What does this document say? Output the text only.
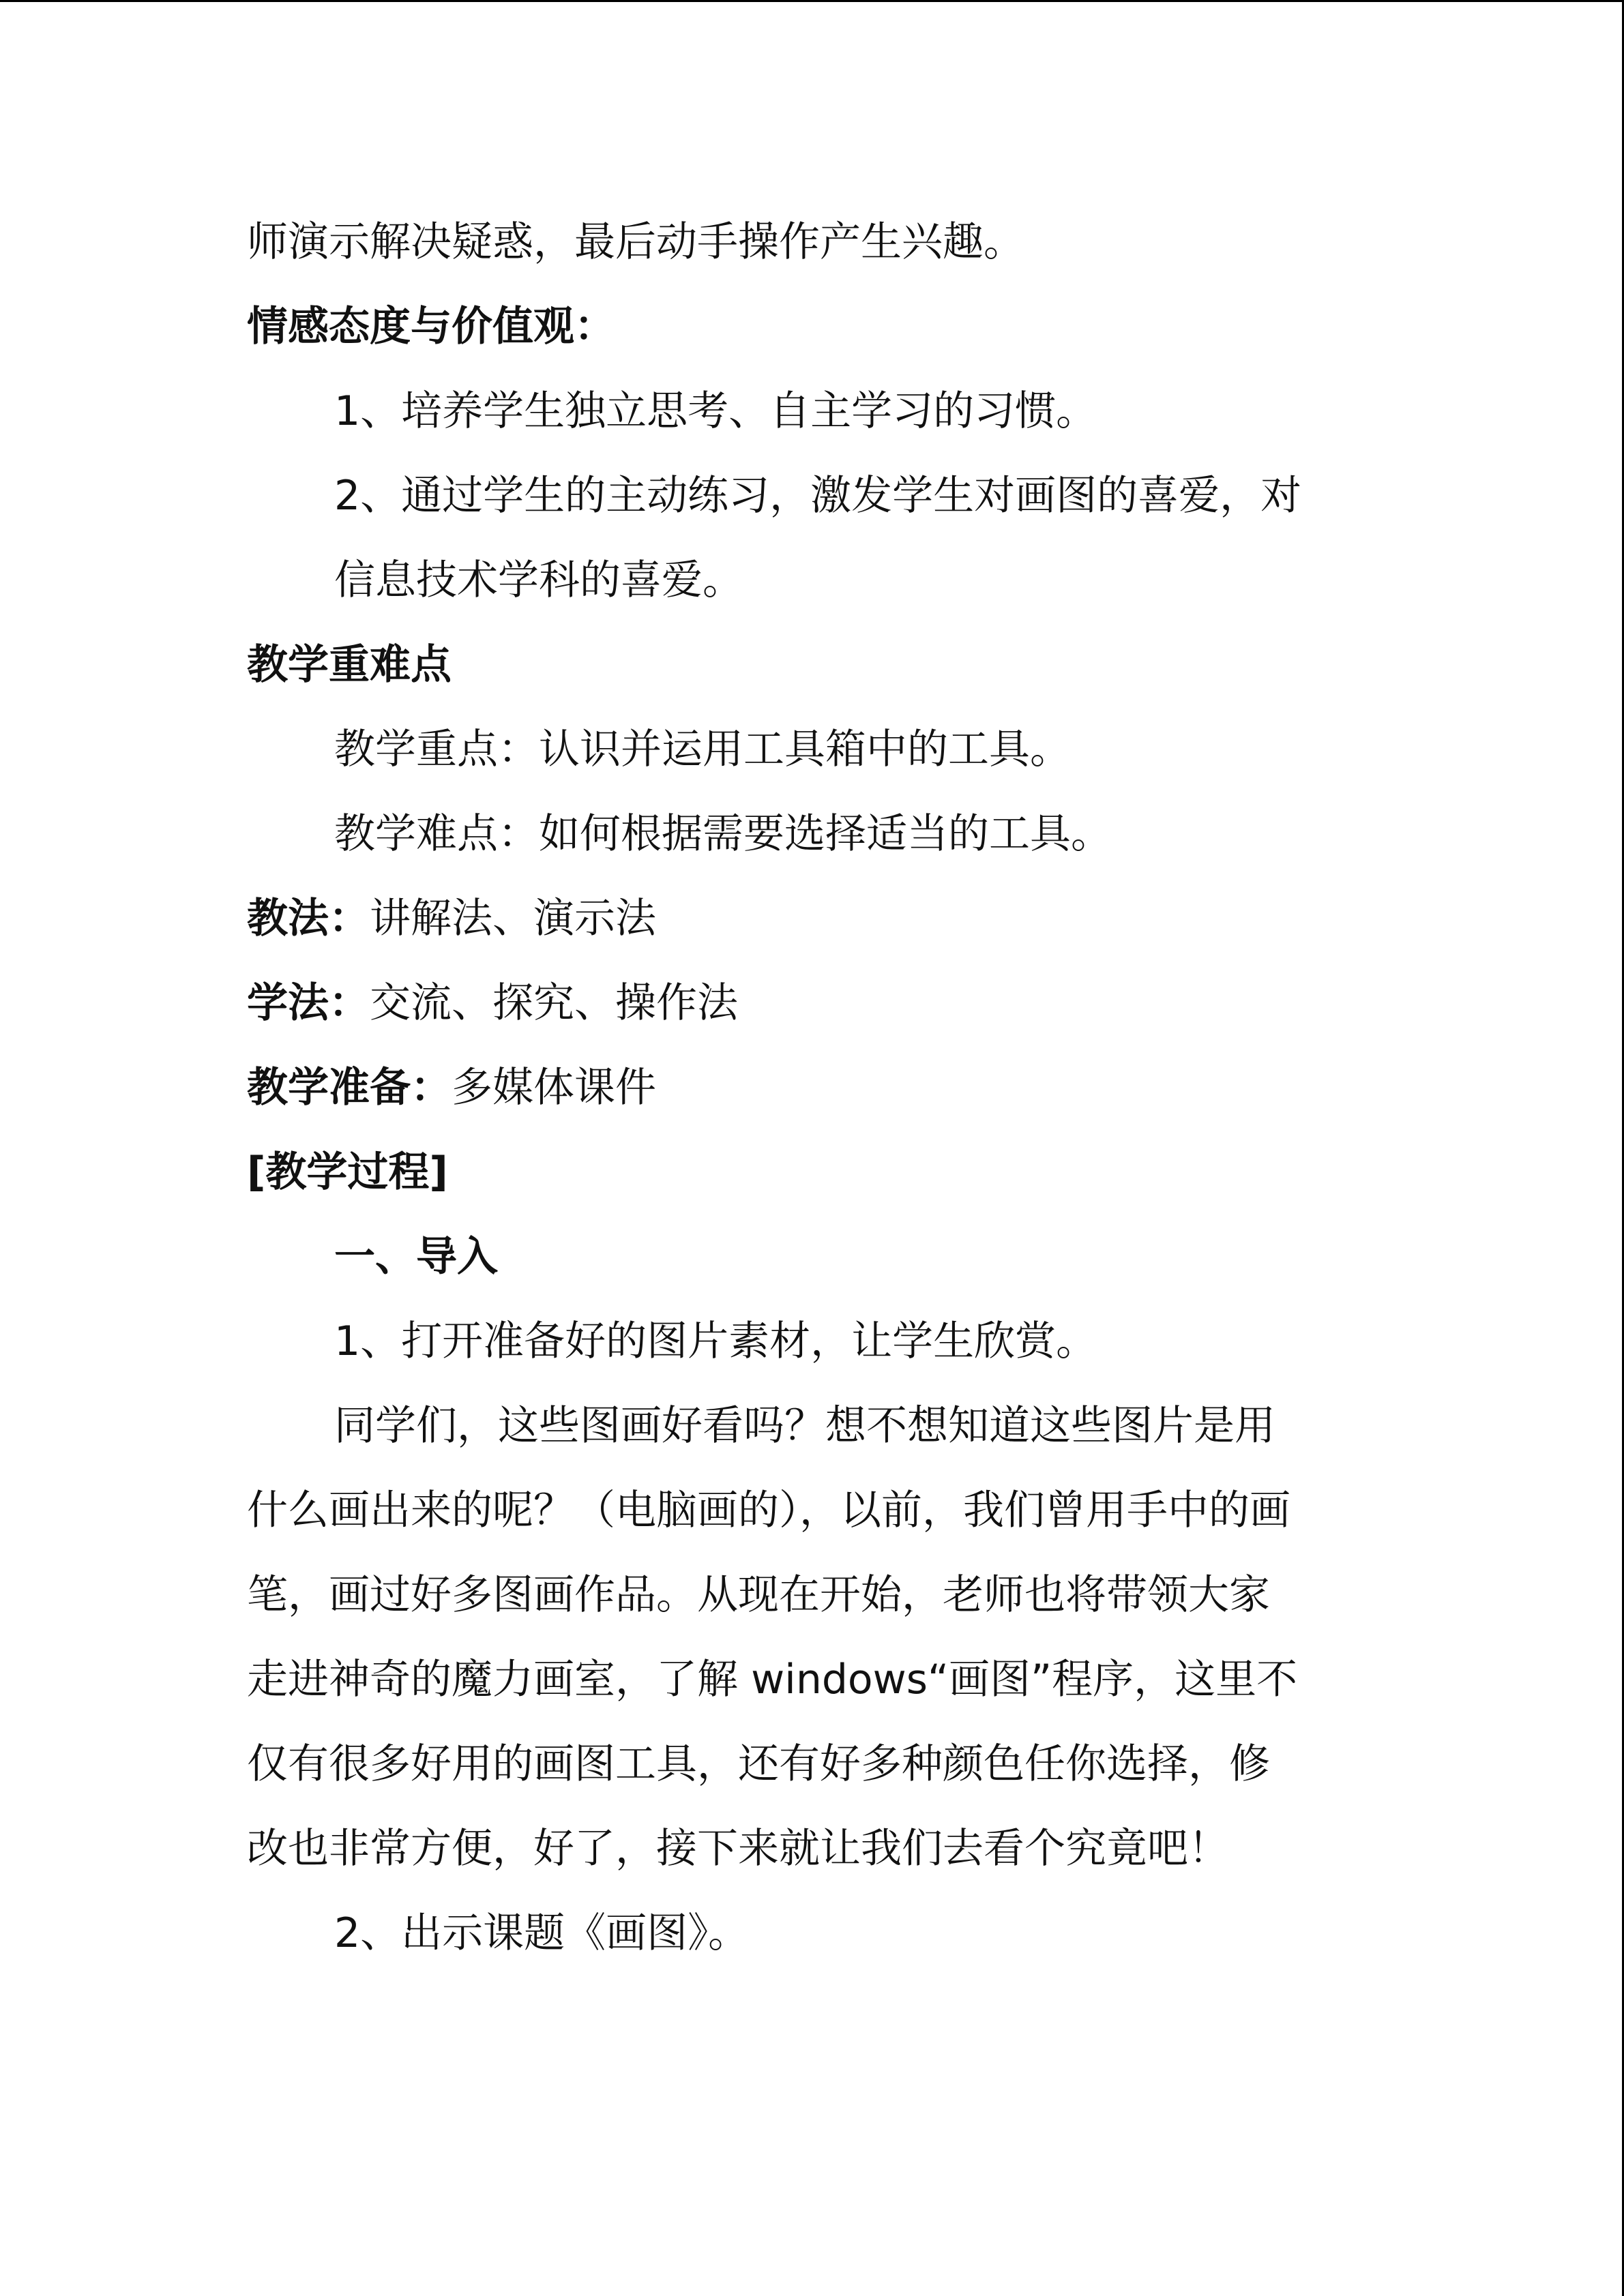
师演示解决疑惑，最后动手操作产生兴趣。
情感态度与价值观：
1、培养学生独立思考、自主学习的习惯。
2、通过学生的主动练习，激发学生对画图的喜爱，对
信息技术学科的喜爱。
教学重难点
教学重点：认识并运用工具箱中的工具。
教学难点：如何根据需要选择适当的工具。
教法：讲解法、演示法
学法：交流、探究、操作法
教学准备：多媒体课件
[教学过程]
一、导入
1、打开准备好的图片素材，让学生欣赏。
同学们，这些图画好看吗？想不想知道这些图片是用
什么画出来的呢？（电脑画的），以前，我们曾用手中的画
笔，画过好多图画作品。从现在开始，老师也将带领大家
走进神奇的魔力画室，了解 windows“画图”程序，这里不
仅有很多好用的画图工具，还有好多种颜色任你选择，修
改也非常方便，好了，接下来就让我们去看个究竟吧！
2、出示课题《画图》。
